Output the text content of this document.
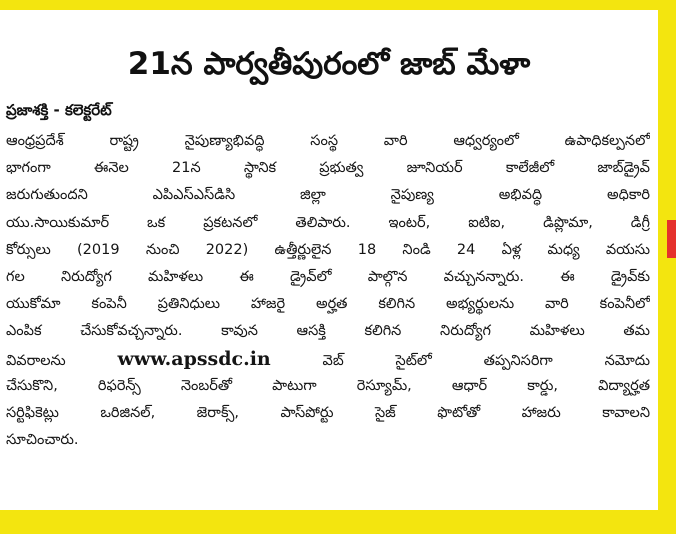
21న పార్వతీపురంలో జాబ్ మేళా
ప్రజాశక్తి - కలెక్టరేట్
ఆంధ్రప్రదేశ్ రాష్ట్ర నైపుణ్యాభివద్ధి సంస్థ వారి ఆధ్వర్యంలో ఉపాధికల్పనలో
భాగంగా ఈనెల 21న స్థానిక ప్రభుత్వ జూనియర్ కాలేజీలో జాబ్‌డ్రైవ్
జరుగుతుందని ఎపిఎస్ఎస్‌డిసి జిల్లా నైపుణ్య అభివద్ధి అధికారి
యు.సాయికుమార్ ఒక ప్రకటనలో తెలిపారు. ఇంటర్, ఐటిఐ, డిప్లొమా, డిగ్రీ
కోర్సులు (2019 నుంచి 2022) ఉత్తీర్ణులైన 18 నిండి 24 ఏళ్ల మధ్య వయసు
గల నిరుద్యోగ మహిళలు ఈ డ్రైవ్‌లో పాల్గొన వచ్చునన్నారు. ఈ డ్రైవ్‌కు
యుకోమా కంపెనీ ప్రతినిధులు హాజరై అర్హత కలిగిన అభ్యర్థులను వారి కంపెనీలో
ఎంపిక చేసుకోవచ్చన్నారు. కావున ఆసక్తి కలిగిన నిరుద్యోగ మహిళలు తమ
వివరాలను	www.apssdc.in	వెబ్ సైట్‌లో తప్పనిసరిగా నమోదు
చేసుకొని, రిఫరెన్స్ నెంబర్‌తో పాటుగా రెస్యూమ్, ఆధార్ కార్డు, విద్యార్హత
సర్టిఫికెట్లు ఒరిజినల్, జెరాక్స్, పాస్‌పోర్టు సైజ్ ఫొటోతో హాజరు కావాలని
సూచించారు.
